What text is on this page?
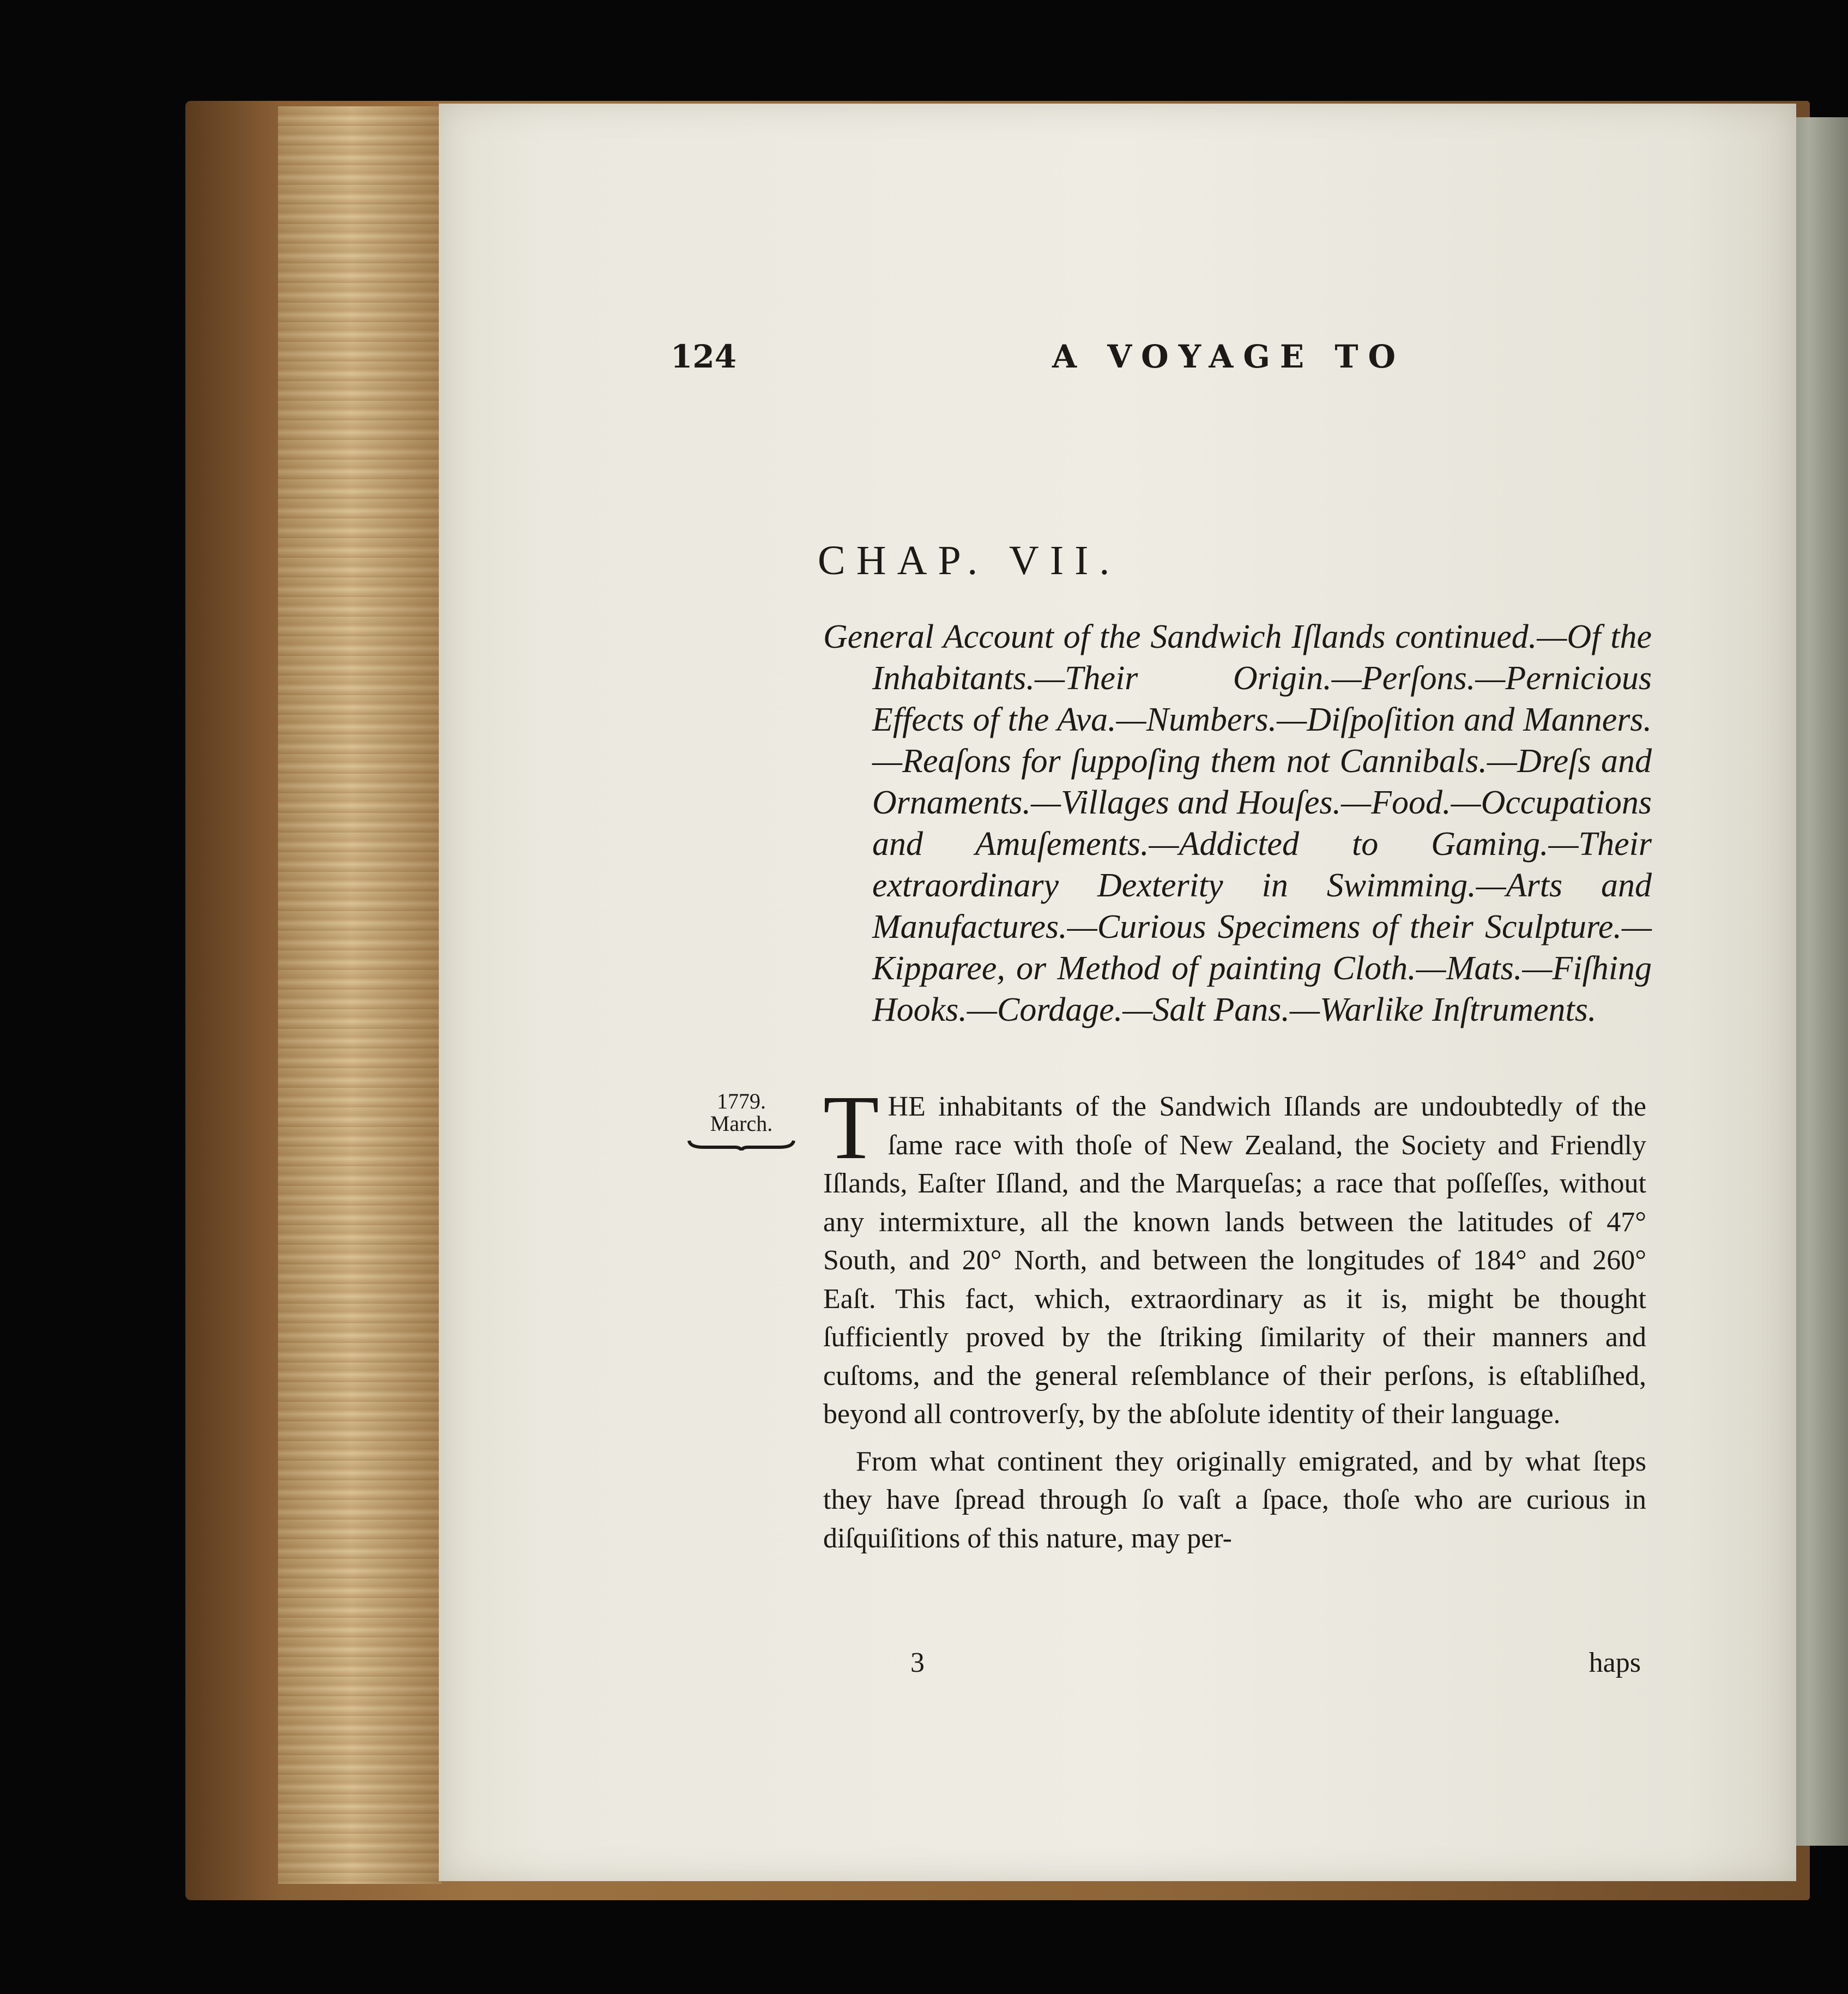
124	A VOYAGE TO
CHAP. VII.

General Account of the Sandwich Iſlands continued.—Of the Inhabitants.—Their Origin.—Perſons.—Pernicious Effects of the Ava.—Numbers.—Diſpoſition and Manners.—Reaſons for ſuppoſing them not Cannibals.—Dreſs and Ornaments.—Villages and Houſes.—Food.—Occupations and Amuſements.—Addicted to Gaming.—Their extraordinary Dexterity in Swimming.—Arts and Manufactures.—Curious Specimens of their Sculpture.—Kipparee, or Method of painting Cloth.—Mats.—Fiſhing Hooks.—Cordage.—Salt Pans.—Warlike Inſtruments.

1779.
March. T HE inhabitants of the Sandwich Iſlands are undoubtedly of the ſame race with thoſe of New Zealand, the Society and Friendly Iſlands, Eaſter Iſland, and the Marqueſas; a race that poſſeſſes, without any intermixture, all the known lands between the latitudes of 47° South, and 20° North, and between the longitudes of 184° and 260° Eaſt. This fact, which, extraordinary as it is, might be thought ſufficiently proved by the ſtriking ſimilarity of their manners and cuſtoms, and the general reſemblance of their perſons, is eſtabliſhed, beyond all controverſy, by the abſolute identity of their language.

From what continent they originally emigrated, and by what ſteps they have ſpread through ſo vaſt a ſpace, thoſe who are curious in diſquiſitions of this nature, may per-

3	haps
